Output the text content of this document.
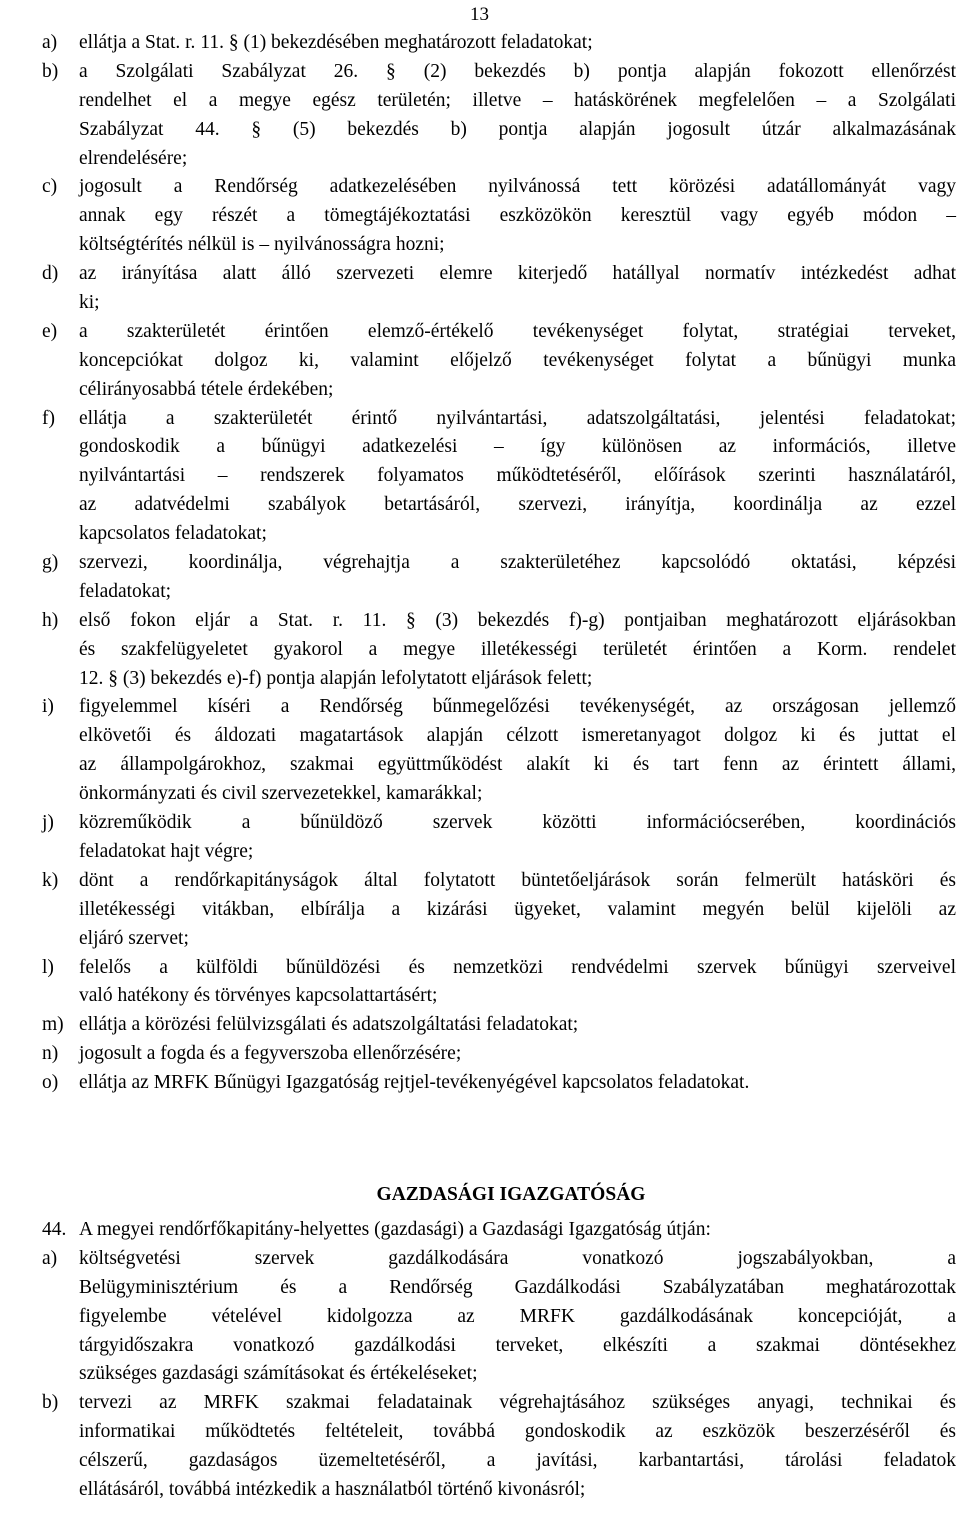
13
a) ellátja a Stat. r. 11. § (1) bekezdésében meghatározott feladatokat;
b) a Szolgálati Szabályzat 26. § (2) bekezdés b) pontja alapján fokozott ellenőrzést
rendelhet el a megye egész területén; illetve – hatáskörének megfelelően – a Szolgálati
Szabályzat 44. § (5) bekezdés b) pontja alapján jogosult útzár alkalmazásának
elrendelésére;
c) jogosult a Rendőrség adatkezelésében nyilvánossá tett körözési adatállományát vagy
annak egy részét a tömegtájékoztatási eszközökön keresztül vagy egyéb módon –
költségtérítés nélkül is – nyilvánosságra hozni;
d) az irányítása alatt álló szervezeti elemre kiterjedő hatállyal normatív intézkedést adhat
ki;
e) a szakterületét érintően elemző-értékelő tevékenységet folytat, stratégiai terveket,
koncepciókat dolgoz ki, valamint előjelző tevékenységet folytat a bűnügyi munka
célirányosabbá tétele érdekében;
f) ellátja a szakterületét érintő nyilvántartási, adatszolgáltatási, jelentési feladatokat;
gondoskodik a bűnügyi adatkezelési – így különösen az információs, illetve
nyilvántartási – rendszerek folyamatos működtetéséről, előírások szerinti használatáról,
az adatvédelmi szabályok betartásáról, szervezi, irányítja, koordinálja az ezzel
kapcsolatos feladatokat;
g) szervezi, koordinálja, végrehajtja a szakterületéhez kapcsolódó oktatási, képzési
feladatokat;
h) első fokon eljár a Stat. r. 11. § (3) bekezdés f)-g) pontjaiban meghatározott eljárásokban
és szakfelügyeletet gyakorol a megye illetékességi területét érintően a Korm. rendelet
12. § (3) bekezdés e)-f) pontja alapján lefolytatott eljárások felett;
i) figyelemmel kíséri a Rendőrség bűnmegelőzési tevékenységét, az országosan jellemző
elkövetői és áldozati magatartások alapján célzott ismeretanyagot dolgoz ki és juttat el
az állampolgárokhoz, szakmai együttműködést alakít ki és tart fenn az érintett állami,
önkormányzati és civil szervezetekkel, kamarákkal;
j) közreműködik a bűnüldöző szervek közötti információcserében, koordinációs
feladatokat hajt végre;
k) dönt a rendőrkapitányságok által folytatott büntetőeljárások során felmerült hatásköri és
illetékességi vitákban, elbírálja a kizárási ügyeket, valamint megyén belül kijelöli az
eljáró szervet;
l) felelős a külföldi bűnüldözési és nemzetközi rendvédelmi szervek bűnügyi szerveivel
való hatékony és törvényes kapcsolattartásért;
m) ellátja a körözési felülvizsgálati és adatszolgáltatási feladatokat;
n) jogosult a fogda és a fegyverszoba ellenőrzésére;
o) ellátja az MRFK Bűnügyi Igazgatóság rejtjel-tevékenyégével kapcsolatos feladatokat.
GAZDASÁGI IGAZGATÓSÁG
44. A megyei rendőrfőkapitány-helyettes (gazdasági) a Gazdasági Igazgatóság útján:
a) költségvetési szervek gazdálkodására vonatkozó jogszabályokban, a
Belügyminisztérium és a Rendőrség Gazdálkodási Szabályzatában meghatározottak
figyelembe vételével kidolgozza az MRFK gazdálkodásának koncepcióját, a
tárgyidőszakra vonatkozó gazdálkodási terveket, elkészíti a szakmai döntésekhez
szükséges gazdasági számításokat és értékeléseket;
b) tervezi az MRFK szakmai feladatainak végrehajtásához szükséges anyagi, technikai és
informatikai működtetés feltételeit, továbbá gondoskodik az eszközök beszerzéséről és
célszerű, gazdaságos üzemeltetéséről, a javítási, karbantartási, tárolási feladatok
ellátásáról, továbbá intézkedik a használatból történő kivonásról;
